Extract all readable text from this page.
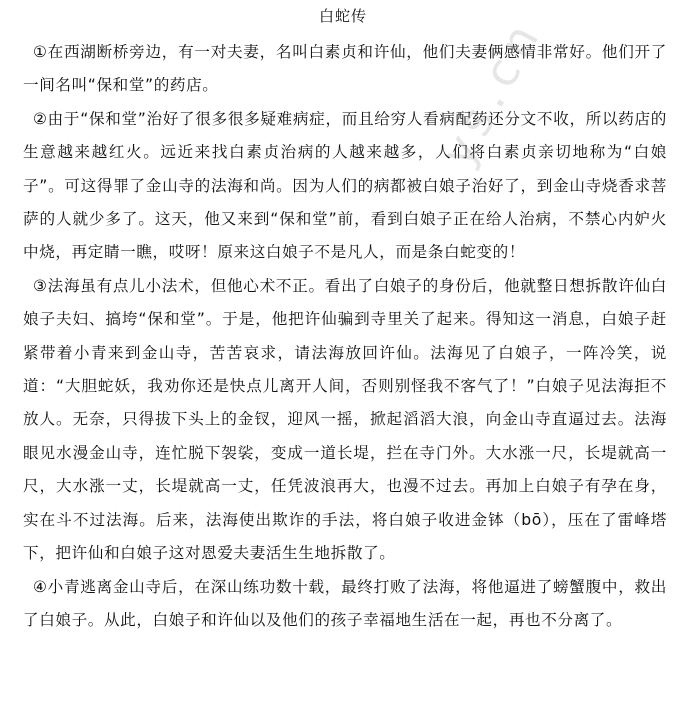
白蛇传

①在西湖断桥旁边，有一对夫妻，名叫白素贞和许仙，他们夫妻俩感情非常好。他们开了一间名叫“保和堂”的药店。

②由于“保和堂”治好了很多很多疑难病症，而且给穷人看病配药还分文不收，所以药店的生意越来越红火。远近来找白素贞治病的人越来越多，人们将白素贞亲切地称为“白娘子”。可这得罪了金山寺的法海和尚。因为人们的病都被白娘子治好了，到金山寺烧香求菩萨的人就少多了。这天，他又来到“保和堂”前，看到白娘子正在给人治病，不禁心内妒火中烧，再定睛一瞧，哎呀！原来这白娘子不是凡人，而是条白蛇变的！

③法海虽有点儿小法术，但他心术不正。看出了白娘子的身份后，他就整日想拆散许仙白娘子夫妇、搞垮“保和堂”。于是，他把许仙骗到寺里关了起来。得知这一消息，白娘子赶紧带着小青来到金山寺，苦苦哀求，请法海放回许仙。法海见了白娘子，一阵冷笑，说道：“大胆蛇妖，我劝你还是快点儿离开人间，否则别怪我不客气了！”白娘子见法海拒不放人。无奈，只得拔下头上的金钗，迎风一摇，掀起滔滔大浪，向金山寺直逼过去。法海眼见水漫金山寺，连忙脱下袈裟，变成一道长堤，拦在寺门外。大水涨一尺，长堤就高一尺，大水涨一丈，长堤就高一丈，任凭波浪再大，也漫不过去。再加上白娘子有孕在身，实在斗不过法海。后来，法海使出欺诈的手法，将白娘子收进金钵（bō），压在了雷峰塔下，把许仙和白娘子这对恩爱夫妻活生生地拆散了。

④小青逃离金山寺后，在深山练功数十载，最终打败了法海，将他逼进了螃蟹腹中，救出了白娘子。从此，白娘子和许仙以及他们的孩子幸福地生活在一起，再也不分离了。

ys.cn
